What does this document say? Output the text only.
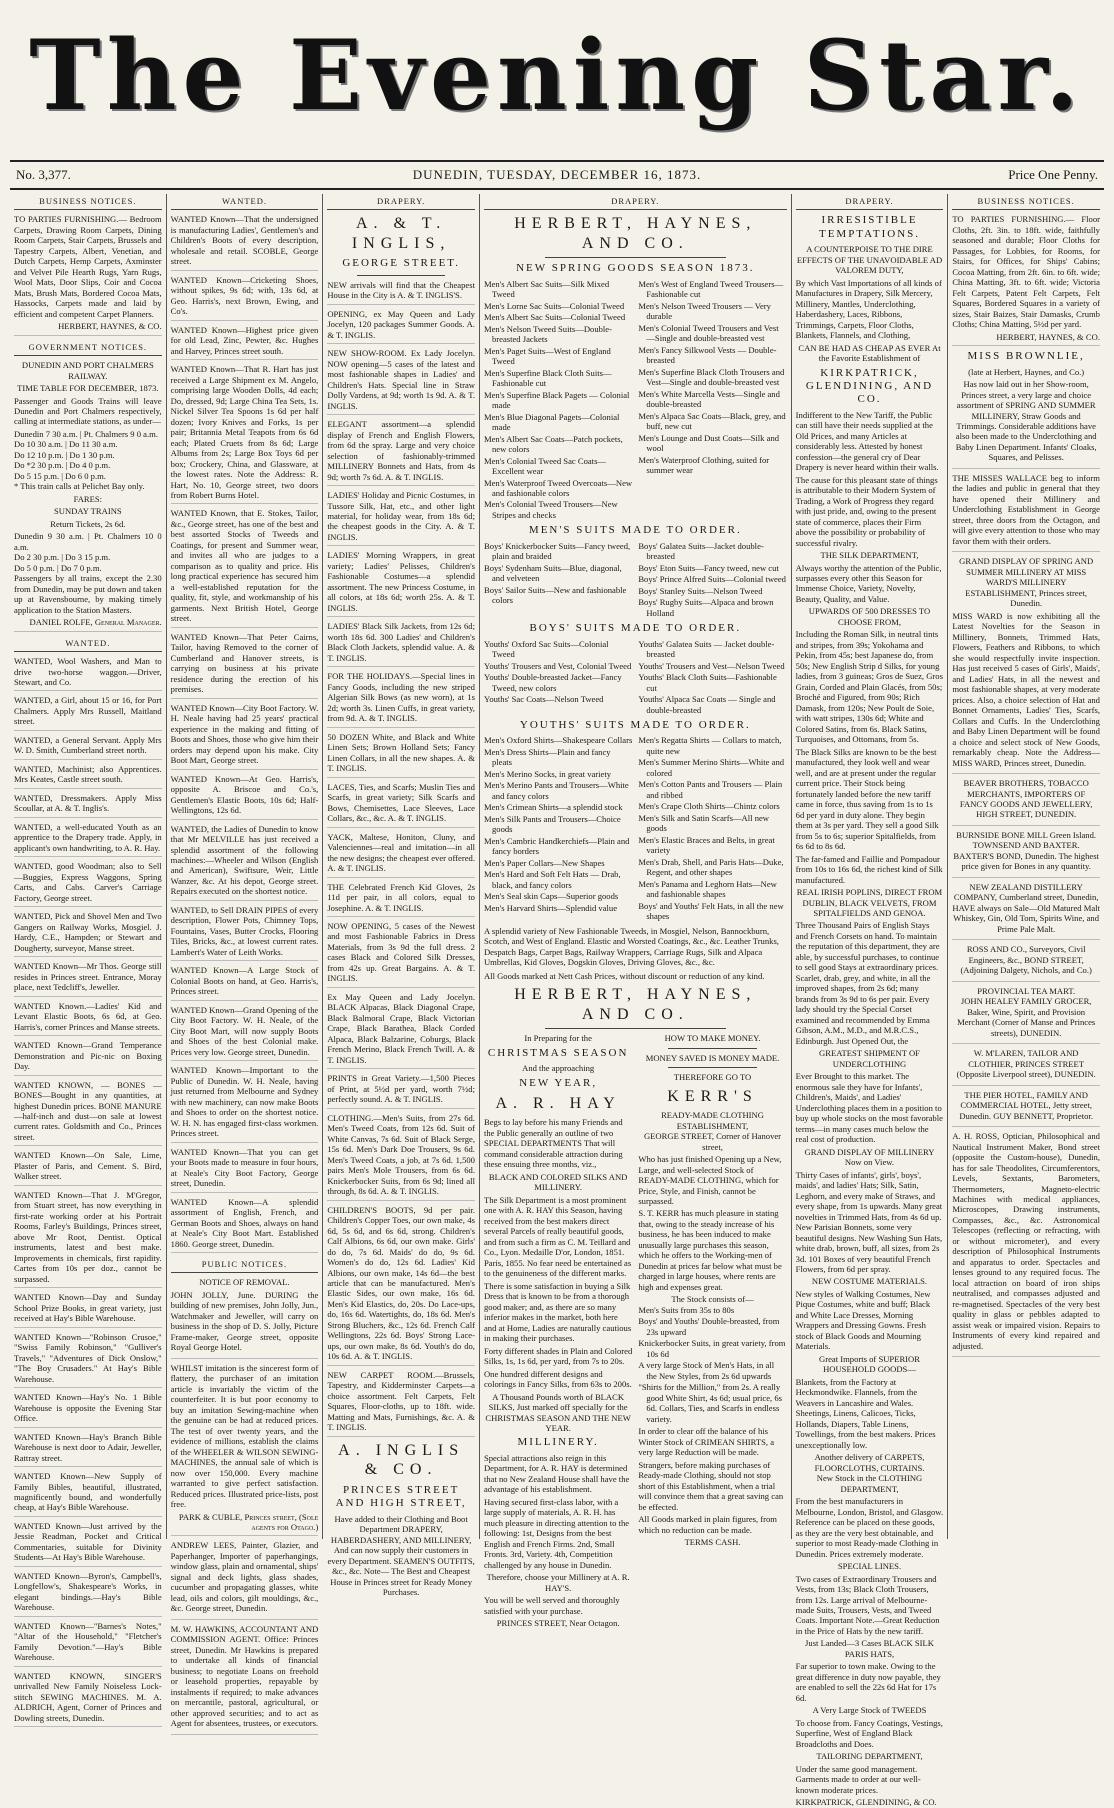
The Evening Star.
No. 3,377.	DUNEDIN, TUESDAY, DECEMBER 16, 1873.	Price One Penny.
BUSINESS NOTICES.

TO PARTIES FURNISHING.— Bedroom Carpets, Drawing Room Carpets, Dining Room Carpets, Stair Carpets, Brussels and Tapestry Carpets, Albert, Venetian, and Dutch Carpets, Hemp Carpets, Axminster and Velvet Pile Hearth Rugs, Yarn Rugs, Wool Mats, Door Slips, Coir and Cocoa Mats, Brush Mats, Bordered Cocoa Mats, Hassocks, Carpets made and laid by efficient and competent Carpet Planners.

HERBERT, HAYNES, & CO.

GOVERNMENT NOTICES.

DUNEDIN AND PORT CHALMERS RAILWAY.

TIME TABLE FOR DECEMBER, 1873.

Passenger and Goods Trains will leave Dunedin and Port Chalmers respectively, calling at intermediate stations, as under—

Dunedin 7 30 a.m. | Pt. Chalmers 9 0 a.m.
Do 10 30 a.m. | Do 11 30 a.m.
Do 12 10 p.m. | Do 1 30 p.m.
Do *2 30 p.m. | Do 4 0 p.m.
Do 5 15 p.m. | Do 6 0 p.m.

* This train calls at Pelichet Bay only.

FARES:

SUNDAY TRAINS

Return Tickets, 2s 6d.

Dunedin 9 30 a.m. | Pt. Chalmers 10 0 a.m.
Do 2 30 p.m. | Do 3 15 p.m.
Do 5 0 p.m. | Do 7 0 p.m.

Passengers by all trains, except the 2.30 from Dunedin, may be put down and taken up at Ravensbourne, by making timely application to the Station Masters.

DANIEL ROLFE, General Manager.

WANTED.
WANTED, Wool Washers, and Man to drive two-horse waggon.—Driver, Stewart, and Co.
WANTED, a Girl, about 15 or 16, for Port Chalmers. Apply Mrs Russell, Maitland street.
WANTED, a General Servant. Apply Mrs W. D. Smith, Cumberland street north.
WANTED, Machinist; also Apprentices. Mrs Keates, Castle street south.
WANTED, Dressmakers. Apply Miss Scoullar, at A. & T. Inglis's.
WANTED, a well-educated Youth as an apprentice to the Drapery trade. Apply, in applicant's own handwriting, to A. R. Hay.
WANTED, good Woodman; also to Sell —Buggies, Express Waggons, Spring Carts, and Cabs. Carver's Carriage Factory, George street.
WANTED, Pick and Shovel Men and Two Gangers on Railway Works, Mosgiel. J. Hardy, C.E., Hampden; or Stewart and Dougherty, surveyor, Manse street.
WANTED Known—Mr Thos. George still resides in Princes street. Entrance, Moray place, next Tedcliff's, Jeweller.
WANTED Known.—Ladies' Kid and Levant Elastic Boots, 6s 6d, at Geo. Harris's, corner Princes and Manse streets.
WANTED Known—Grand Temperance Demonstration and Pic-nic on Boxing Day.
WANTED KNOWN, — BONES — BONES—Bought in any quantities, at highest Dunedin prices. BONE MANURE—half-inch and dust—on sale at lowest current rates. Goldsmith and Co., Princes street.
WANTED Known—On Sale, Lime, Plaster of Paris, and Cement. S. Bird, Walker street.
WANTED Known—That J. M'Gregor, from Stuart street, has now everything in first-rate working order at his Portrait Rooms, Farley's Buildings, Princes street, above Mr Root, Dentist. Optical instruments, latest and best make. Improvements in chemicals, first rapidity. Cartes from 10s per doz., cannot be surpassed.
WANTED Known—Day and Sunday School Prize Books, in great variety, just received at Hay's Bible Warehouse.
WANTED Known—"Robinson Crusoe," "Swiss Family Robinson," "Gulliver's Travels," "Adventures of Dick Onslow," "The Boy Crusaders." At Hay's Bible Warehouse.
WANTED Known—Hay's No. 1 Bible Warehouse is opposite the Evening Star Office.
WANTED Known—Hay's Branch Bible Warehouse is next door to Adair, Jeweller, Rattray street.
WANTED Known—New Supply of Family Bibles, beautiful, illustrated, magnificently bound, and wonderfully cheap, at Hay's Bible Warehouse.
WANTED Known—Just arrived by the Jessie Readman, Pocket and Critical Commentaries, suitable for Divinity Students—At Hay's Bible Warehouse.
WANTED Known—Byron's, Campbell's, Longfellow's, Shakespeare's Works, in elegant bindings.—Hay's Bible Warehouse.
WANTED Known—"Barnes's Notes," "Altar of the Household," "Fletcher's Family Devotion."—Hay's Bible Warehouse.
WANTED KNOWN, SINGER'S unrivalled New Family Noiseless Lock-stitch SEWING MACHINES. M. A. ALDRICH, Agent, Corner of Princes and Dowling streets, Dunedin.
WANTED.
WANTED Known—That the undersigned is manufacturing Ladies', Gentlemen's and Children's Boots of every description, wholesale and retail. SCOBLE, George street.
WANTED Known—Cricketing Shoes, without spikes, 9s 6d; with, 13s 6d, at Geo. Harris's, next Brown, Ewing, and Co's.
WANTED Known—Highest price given for old Lead, Zinc, Pewter, &c. Hughes and Harvey, Princes street south.
WANTED Known—That R. Hart has just received a Large Shipment ex M. Angelo, comprising large Wooden Dolls, 4d each; Do, dressed, 9d; Large China Tea Sets, 1s. Nickel Silver Tea Spoons 1s 6d per half dozen; Ivory Knives and Forks, 1s per pair; Britannia Metal Teapots from 6s 6d each; Plated Cruets from 8s 6d; Large Albums from 2s; Large Box Toys 6d per box; Crockery, China, and Glassware, at the lowest rates. Note the Address: R. Hart, No. 10, George street, two doors from Robert Burns Hotel.
WANTED Known, that E. Stokes, Tailor, &c., George street, has one of the best and best assorted Stocks of Tweeds and Coatings, for present and Summer wear, and invites all who are judges to a comparison as to quality and price. His long practical experience has secured him a well-established reputation for the quality, fit, style, and workmanship of his garments. Next British Hotel, George street.
WANTED Known—That Peter Cairns, Tailor, having Removed to the corner of Cumberland and Hanover streets, is carrying on business at his private residence during the erection of his premises.
WANTED Known—City Boot Factory. W. H. Neale having had 25 years' practical experience in the making and fitting of Boots and Shoes, those who give him their orders may depend upon his make. City Boot Mart, George street.
WANTED Known—At Geo. Harris's, opposite A. Briscoe and Co.'s, Gentlemen's Elastic Boots, 10s 6d; Half-Wellingtons, 12s 6d.
WANTED, the Ladies of Dunedin to know that Mr MELVILLE has just received a splendid assortment of the following machines:—Wheeler and Wilson (English and American), Swiftsure, Weir, Little Wanzer, &c. At his depot, George street. Repairs executed on the shortest notice.
WANTED, to Sell DRAIN PIPES of every description, Flower Pots, Chimney Tops, Fountains, Vases, Butter Crocks, Flooring Tiles, Bricks, &c., at lowest current rates. Lambert's Water of Leith Works.
WANTED Known—A Large Stock of Colonial Boots on hand, at Geo. Harris's, Princes street.
WANTED Known—Grand Opening of the City Boot Factory. W. H. Neale, of the City Boot Mart, will now supply Boots and Shoes of the best Colonial make. Prices very low. George street, Dunedin.
WANTED Known—Important to the Public of Dunedin. W. H. Neale, having just returned from Melbourne and Sydney with new machinery, can now make Boots and Shoes to order on the shortest notice. W. H. N. has engaged first-class workmen. Princes street.
WANTED Known—That you can get your Boots made to measure in four hours, at Neale's City Boot Factory, George street, Dunedin.
WANTED Known—A splendid assortment of English, French, and German Boots and Shoes, always on hand at Neale's City Boot Mart. Established 1860. George street, Dunedin.
PUBLIC NOTICES.

NOTICE OF REMOVAL.

JOHN JOLLY, June. DURING the building of new premises, John Jolly, Jun., Watchmaker and Jeweller, will carry on business in the shop of D. S. Jolly, Picture Frame-maker, George street, opposite Royal George Hotel.

WHILST imitation is the sincerest form of flattery, the purchaser of an imitation article is invariably the victim of the counterfeiter. It is but poor economy to buy an imitation Sewing-machine when the genuine can be had at reduced prices. The test of over twenty years, and the evidence of millions, establish the claims of the WHEELER & WILSON SEWING-MACHINES, the annual sale of which is now over 150,000. Every machine warranted to give perfect satisfaction. Reduced prices. Illustrated price-lists, post free.

PARK & CUBLE, Princes street, (Sole agents for Otago.)

ANDREW LEES, Painter, Glazier, and Paperhanger, Importer of paperhangings, window glass, plain and ornamental, ships' signal and deck lights, glass shades, cucumber and propagating glasses, white lead, oils and colors, gilt mouldings, &c., &c. George street, Dunedin.

M. W. HAWKINS, ACCOUNTANT AND COMMISSION AGENT. Office: Princes street, Dunedin. Mr Hawkins is prepared to undertake all kinds of financial business; to negotiate Loans on freehold or leasehold properties, repayable by instalments if required; to make advances on mercantile, pastoral, agricultural, or other approved securities; and to act as Agent for absentees, trustees, or executors.

DRAPERY.
A. & T. INGLIS,
GEORGE STREET.
NEW arrivals will find that the Cheapest House in the City is A. & T. INGLIS'S.
OPENING, ex May Queen and Lady Jocelyn, 120 packages Summer Goods. A. & T. INGLIS.
NEW SHOW-ROOM. Ex Lady Jocelyn. NOW opening—5 cases of the latest and most fashionable shapes in Ladies' and Children's Hats. Special line in Straw Dolly Vardens, at 9d; worth 1s 9d. A. & T. INGLIS.
ELEGANT assortment—a splendid display of French and English Flowers, from 6d the spray. Large and very choice selection of fashionably-trimmed MILLINERY Bonnets and Hats, from 4s 9d; worth 7s 6d. A. & T. INGLIS.
LADIES' Holiday and Picnic Costumes, in Tussore Silk, Hat, etc., and other light material, for holiday wear, from 18s 6d; the cheapest goods in the City. A. & T. INGLIS.
LADIES' Morning Wrappers, in great variety; Ladies' Pelisses, Children's Fashionable Costumes—a splendid assortment. The new Princess Costume, in all colors, at 18s 6d; worth 25s. A. & T. INGLIS.
LADIES' Black Silk Jackets, from 12s 6d; worth 18s 6d. 300 Ladies' and Children's Black Cloth Jackets, splendid value. A. & T. INGLIS.
FOR THE HOLIDAYS.—Special lines in Fancy Goods, including the new striped Algerian Silk Bows (as new worn), at 1s 2d; worth 3s. Linen Cuffs, in great variety, from 9d. A. & T. INGLIS.
50 DOZEN White, and Black and White Linen Sets; Brown Holland Sets; Fancy Linen Collars, in all the new shapes. A. & T. INGLIS.
LACES, Ties, and Scarfs; Muslin Ties and Scarfs, in great variety; Silk Scarfs and Bows, Chemisettes, Lace Sleeves, Lace Collars, &c., &c. A. & T. INGLIS.
YACK, Maltese, Honiton, Cluny, and Valenciennes—real and imitation—in all the new designs; the cheapest ever offered. A. & T. INGLIS.
THE Celebrated French Kid Gloves, 2s 11d per pair, in all colors, equal to Josephine. A. & T. INGLIS.
NOW OPENING, 5 cases of the Newest and most Fashionable Fabrics in Dress Materials, from 3s 9d the full dress. 2 cases Black and Colored Silk Dresses, from 42s up. Great Bargains. A. & T. INGLIS.
Ex May Queen and Lady Jocelyn. BLACK Alpacas, Black Diagonal Crape, Black Balmoral Crape, Black Victorian Crape, Black Barathea, Black Corded Alpaca, Black Balzarine, Coburgs, Black French Merino, Black French Twill. A. & T. INGLIS.
PRINTS in Great Variety.—1,500 Pieces of Print, at 5½d per yard, worth 7½d; perfectly sound. A. & T. INGLIS.
CLOTHING.—Men's Suits, from 27s 6d. Men's Tweed Coats, from 12s 6d. Suit of White Canvas, 7s 6d. Suit of Black Serge, 15s 6d. Men's Dark Doe Trousers, 9s 6d. Men's Tweed Coats, a job, at 7s 6d. 1,500 pairs Men's Mole Trousers, from 6s 6d. Knickerbocker Suits, from 6s 9d; lined all through, 8s 6d. A. & T. INGLIS.
CHILDREN'S BOOTS, 9d per pair. Children's Copper Toes, our own make, 4s 6d, 5s 6d, and 6s 6d, strong. Children's Calf Albions, 6s 6d, our own make. Girls' do do, 7s 6d. Maids' do do, 9s 6d. Women's do do, 12s 6d. Ladies' Kid Albions, our own make, 14s 6d—the best article that can be manufactured. Men's Elastic Sides, our own make, 16s 6d. Men's Kid Elastics, do, 20s. Do Lace-ups, do, 16s 6d. Watertights, do, 18s 6d. Men's Strong Bluchers, &c., 12s 6d. French Calf Wellingtons, 22s 6d. Boys' Strong Lace-ups, our own make, 8s 6d. Youth's do do, 10s 6d. A. & T. INGLIS.
NEW CARPET ROOM.—Brussels, Tapestry, and Kidderminster Carpets—a choice assortment. Felt Carpets, Felt Squares, Floor-cloths, up to 18ft. wide. Matting and Mats, Furnishings, &c. A. & T. INGLIS.
A. INGLIS & CO.
PRINCES STREET AND HIGH STREET,

Have added to their Clothing and Boot Department DRAPERY, HABERDASHERY, AND MILLINERY, And can now supply their customers in every Department. SEAMEN'S OUTFITS, &c., &c. Note— The Best and Cheapest House in Princes street for Ready Money Purchases.

DRAPERY.
HERBERT, HAYNES, AND CO.
NEW SPRING GOODS SEASON 1873.
Men's Albert Sac Suits—Silk Mixed Tweed
Men's Lorne Sac Suits—Colonial Tweed
Men's Albert Sac Suits—Colonial Tweed
Men's Nelson Tweed Suits—Double-breasted Jackets
Men's Paget Suits—West of England Tweed
Men's Superfine Black Cloth Suits—Fashionable cut
Men's Superfine Black Pagets — Colonial made
Men's Blue Diagonal Pagets—Colonial made
Men's Albert Sac Coats—Patch pockets, new colors
Men's Colonial Tweed Sac Coats—Excellent wear
Men's Waterproof Tweed Overcoats—New and fashionable colors
Men's Colonial Tweed Trousers—New Stripes and checks
Men's West of England Tweed Trousers—Fashionable cut
Men's Nelson Tweed Trousers — Very durable
Men's Colonial Tweed Trousers and Vest—Single and double-breasted vest
Men's Fancy Silkwool Vests — Double-breasted
Men's Superfine Black Cloth Trousers and Vest—Single and double-breasted vest
Men's White Marcella Vests—Single and double-breasted
Men's Alpaca Sac Coats—Black, grey, and buff, new cut
Men's Lounge and Dust Coats—Silk and wool
Men's Waterproof Clothing, suited for summer wear
MEN'S SUITS MADE TO ORDER.
Boys' Knickerbocker Suits—Fancy tweed, plain and braided
Boys' Sydenham Suits—Blue, diagonal, and velveteen
Boys' Sailor Suits—New and fashionable colors
Boys' Galatea Suits—Jacket double-breasted
Boys' Eton Suits—Fancy tweed, new cut
Boys' Prince Alfred Suits—Colonial tweed
Boys' Stanley Suits—Nelson Tweed
Boys' Rugby Suits—Alpaca and brown Holland
BOYS' SUITS MADE TO ORDER.
Youths' Oxford Sac Suits—Colonial Tweed
Youths' Trousers and Vest, Colonial Tweed
Youths' Double-breasted Jacket—Fancy Tweed, new colors
Youths' Sac Coats—Nelson Tweed
Youths' Galatea Suits — Jacket double-breasted
Youths' Trousers and Vest—Nelson Tweed
Youths' Black Cloth Suits—Fashionable cut
Youths' Alpaca Sac Coats — Single and double-breasted
YOUTHS' SUITS MADE TO ORDER.
Men's Oxford Shirts—Shakespeare Collars
Men's Dress Shirts—Plain and fancy pleats
Men's Merino Socks, in great variety
Men's Merino Pants and Trousers—White and fancy colors
Men's Crimean Shirts—a splendid stock
Men's Silk Pants and Trousers—Choice goods
Men's Cambric Handkerchiefs—Plain and fancy borders
Men's Paper Collars—New Shapes
Men's Hard and Soft Felt Hats — Drab, black, and fancy colors
Men's Seal skin Caps—Superior goods
Men's Harvard Shirts—Splendid value
Men's Regatta Shirts — Collars to match, quite new
Men's Summer Merino Shirts—White and colored
Men's Cotton Pants and Trousers — Plain and ribbed
Men's Crape Cloth Shirts—Chintz colors
Men's Silk and Satin Scarfs—All new goods
Men's Elastic Braces and Belts, in great variety
Men's Drab, Shell, and Paris Hats—Duke, Regent, and other shapes
Men's Panama and Leghorn Hats—New and fashionable shapes
Boys' and Youths' Felt Hats, in all the new shapes

A splendid variety of New Fashionable Tweeds, in Mosgiel, Nelson, Bannockburn, Scotch, and West of England. Elastic and Worsted Coatings, &c., &c. Leather Trunks, Despatch Bags, Carpet Bags, Railway Wrappers, Carriage Rugs, Silk and Alpaca Umbrellas, Kid Gloves, Dogskin Gloves, Driving Gloves, &c., &c.

All Goods marked at Nett Cash Prices, without discount or reduction of any kind.

HERBERT, HAYNES, AND CO.
In Preparing for the
CHRISTMAS SEASON
And the approaching
NEW YEAR,
A. R. HAY

Begs to lay before his many Friends and the Public generally an outline of two SPECIAL DEPARTMENTS That will command considerable attraction during these ensuing three months, viz.,

BLACK AND COLORED SILKS AND MILLINERY.

The Silk Department is a most prominent one with A. R. HAY this Season, having received from the best makers direct several Parcels of really beautiful goods, and from such a firm as C. M. Teillard and Co., Lyon. Medaille D'or, London, 1851. Paris, 1855. No fear need be entertained as to the genuineness of the different marks.

There is some satisfaction in buying a Silk Dress that is known to be from a thorough good maker; and, as there are so many inferior makes in the market, both here and at Home, Ladies are naturally cautious in making their purchases.

Forty different shades in Plain and Colored Silks, 1s, 1s 6d, per yard, from 7s to 20s.

One hundred different designs and colorings in Fancy Silks, from 63s to 200s.

A Thousand Pounds worth of BLACK SILKS, Just marked off specially for the CHRISTMAS SEASON AND THE NEW YEAR.

MILLINERY.

Special attractions also reign in this Department, for A. R. HAY is determined that no New Zealand House shall have the advantage of his establishment.

Having secured first-class labor, with a large supply of materials, A. R. H. has much pleasure in directing attention to the following: 1st, Designs from the best English and French Firms. 2nd, Small Fronts. 3rd, Variety. 4th, Competition challenged by any house in Dunedin.

Therefore, choose your Millinery at A. R. HAY'S.

You will be well served and thoroughly satisfied with your purchase.

PRINCES STREET, Near Octagon.
HOW TO MAKE MONEY.
MONEY SAVED IS MONEY MADE.
THEREFORE GO TO
KERR'S
READY-MADE CLOTHING ESTABLISHMENT,
GEORGE STREET, Corner of Hanover street,

Who has just finished Opening up a New, Large, and well-selected Stock of READY-MADE CLOTHING, which for Price, Style, and Finish, cannot be surpassed.

S. T. KERR has much pleasure in stating that, owing to the steady increase of his business, he has been induced to make unusually large purchases this season, which he offers to the Working-men of Dunedin at prices far below what must be charged in large houses, where rents are high and expenses great.

The Stock consists of—
Men's Suits from 35s to 80s
Boys' and Youths' Double-breasted, from 23s upward
Knickerbocker Suits, in great variety, from 10s 6d
A very large Stock of Men's Hats, in all the New Styles, from 2s 6d upwards
"Shirts for the Million," from 2s. A really good White Shirt, 4s 6d; usual price, 6s 6d. Collars, Ties, and Scarfs in endless variety.

In order to clear off the balance of his Winter Stock of CRIMEAN SHIRTS, a very large Reduction will be made.

Strangers, before making purchases of Ready-made Clothing, should not stop short of this Establishment, when a trial will convince them that a great saving can be effected.

All Goods marked in plain figures, from which no reduction can be made.

TERMS CASH.
DRAPERY.
IRRESISTIBLE TEMPTATIONS.

A COUNTERPOISE TO THE DIRE EFFECTS OF THE UNAVOIDABLE AD VALOREM DUTY,

By which Vast Importations of all kinds of Manufactures in Drapery, Silk Mercery, Millinery, Mantles, Underclothing, Haberdashery, Laces, Ribbons, Trimmings, Carpets, Floor Cloths, Blankets, Flannels, and Clothing,

CAN BE HAD AS CHEAP AS EVER At the Favorite Establishment of

KIRKPATRICK, GLENDINING, AND CO.

Indifferent to the New Tariff, the Public can still have their needs supplied at the Old Prices, and many Articles at considerably less. Attested by honest confession—the general cry of Dear Drapery is never heard within their walls.

The cause for this pleasant state of things is attributable to their Modern System of Trading, a Work of Progress they regard with just pride, and, owing to the present state of commerce, places their Firm above the possibility or probability of successful rivalry.

THE SILK DEPARTMENT,

Always worthy the attention of the Public, surpasses every other this Season for Immense Choice, Variety, Novelty, Beauty, Quality, and Value.

UPWARDS OF 500 DRESSES TO CHOOSE FROM,

Including the Roman Silk, in neutral tints and stripes, from 39s; Yokohama and Pekin, from 45s; best Japanese do, from 50s; New English Strip d Silks, for young ladies, from 3 guineas; Gros de Suez, Gros Grain, Corded and Plain Glacés, from 50s; Broché and Figured, from 90s; Rich Damask, from 120s; New Poult de Soie, with watt stripes, 130s 6d; White and Colored Satins, from 6s. Black Satins, Turquoises, and Ottomans, from 5s.

The Black Silks are known to be the best manufactured, they look well and wear well, and are at present under the regular current price. Their Stock being fortunately landed before the new tariff came in force, thus saving from 1s to 1s 6d per yard in duty alone. They begin them at 3s per yard. They sell a good Silk from 5s to 6s; superior Spitalfields, from 6s 6d to 8s 6d.

The far-famed and Faillie and Pompadour from 10s to 16s 6d, the richest kind of Silk manufactured.

REAL IRISH POPLINS, DIRECT FROM DUBLIN, BLACK VELVETS, FROM SPITALFIELDS AND GENOA.

Three Thousand Pairs of English Stays and French Corsets on hand. To maintain the reputation of this department, they are able, by successful purchases, to continue to sell good Stays at extraordinary prices. Scarlet, drab, grey, and white, in all the improved shapes, from 2s 6d; many brands from 3s 9d to 6s per pair. Every lady should try the Special Corset examined and recommended by Emma Gibson, A.M., M.D., and M.R.C.S., Edinburgh. Just Opened Out, the

GREATEST SHIPMENT OF UNDERCLOTHING

Ever Brought to this market. The enormous sale they have for Infants', Children's, Maids', and Ladies' Underclothing places them in a position to buy up whole stocks on the most favorable terms—in many cases much below the real cost of production.

GRAND DISPLAY OF MILLINERY Now on View.

Thirty Cases of infants', girls', boys', maids', and ladies' Hats; Silk, Satin, Leghorn, and every make of Straws, and every shape, from 1s upwards. Many great novelties in Trimmed Hats, from 4s 6d up. New Parisian Bonnets, some very beautiful designs. New Washing Sun Hats, white drab, brown, buff, all sizes, from 2s 3d. 101 Boxes of very beautiful French Flowers, from 6d per spray.

NEW COSTUME MATERIALS.

New styles of Walking Costumes, New Pique Costumes, white and buff; Black and White Lace Dresses, Morning Wrappers and Dressing Gowns. Fresh stock of Black Goods and Mourning Materials.

Great Imports of SUPERIOR HOUSEHOLD GOODS—

Blankets, from the Factory at Heckmondwike. Flannels, from the Weavers in Lancashire and Wales. Sheetings, Linens, Calicoes, Ticks, Hollands, Diapers, Table Linens, Towellings, from the best makers. Prices unexceptionally low.

Another delivery of CARPETS, FLOORCLOTHS, CURTAINS.
New Stock in the CLOTHING DEPARTMENT,

From the best manufacturers in Melbourne, London, Bristol, and Glasgow. Reference can be placed on these goods, as they are the very best obtainable, and superior to most Ready-made Clothing in Dunedin. Prices extremely moderate.

SPECIAL LINES.

Two cases of Extraordinary Trousers and Vests, from 13s; Black Cloth Trousers, from 12s. Large arrival of Melbourne-made Suits, Trousers, Vests, and Tweed Coats. Important Note.—Great Reduction in the Price of Hats by the new tariff.

Just Landed—3 Cases BLACK SILK PARIS HATS,

Far superior to town make. Owing to the great difference in duty now payable, they are enabled to sell the 22s 6d Hat for 17s 6d.

A Very Large Stock of TWEEDS

To choose from. Fancy Coatings, Vestings, Superfine, West of England Black Broadcloths and Does.

TAILORING DEPARTMENT,

Under the same good management. Garments made to order at our well-known moderate prices.

KIRKPATRICK, GLENDINING, & CO.

BUSINESS NOTICES.

TO PARTIES FURNISHING.— Floor Cloths, 2ft. 3in. to 18ft. wide, faithfully seasoned and durable; Floor Cloths for Passages, for Lobbies, for Rooms, for Stairs, for Offices, for Ships' Cabins; Cocoa Matting, from 2ft. 6in. to 6ft. wide; China Matting, 3ft. to 6ft. wide; Victoria Felt Carpets, Patent Felt Carpets, Felt Squares, Bordered Squares in a variety of sizes, Stair Baizes, Stair Damasks, Crumb Cloths; China Matting, 5½d per yard.

HERBERT, HAYNES, & CO.

MISS BROWNLIE,

(late at Herbert, Haynes, and Co.)

Has now laid out in her Show-room, Princes street, a very large and choice assortment of SPRING AND SUMMER MILLINERY, Straw Goods and Trimmings. Considerable additions have also been made to the Underclothing and Baby Linen Department. Infants' Cloaks, Squares, and Pelisses.

THE MISSES WALLACE beg to inform the ladies and public in general that they have opened their Millinery and Underclothing Establishment in George street, three doors from the Octagon, and will give every attention to those who may favor them with their orders.

GRAND DISPLAY OF SPRING AND SUMMER MILLINERY AT MISS WARD'S MILLINERY ESTABLISHMENT, Princes street, Dunedin.

MISS WARD is now exhibiting all the Latest Novelties for the Season in Millinery, Bonnets, Trimmed Hats, Flowers, Feathers and Ribbons, to which she would respectfully invite inspection. Has just received 5 cases of Girls', Maids', and Ladies' Hats, in all the newest and most fashionable shapes, at very moderate prices. Also, a choice selection of Hat and Bonnet Ornaments, Ladies' Ties, Scarfs, Collars and Cuffs. In the Underclothing and Baby Linen Department will be found a choice and select stock of New Goods, remarkably cheap. Note the Address— MISS WARD, Princes street, Dunedin.

BEAVER BROTHERS, TOBACCO MERCHANTS, IMPORTERS OF FANCY GOODS AND JEWELLERY, HIGH STREET, DUNEDIN.

BURNSIDE BONE MILL Green Island. TOWNSEND AND BAXTER. BAXTER'S BOND, Dunedin. The highest price given for Bones in any quantity.

NEW ZEALAND DISTILLERY COMPANY, Cumberland street, Dunedin, HAVE always on Sale—Old Matured Malt Whiskey, Gin, Old Tom, Spirits Wine, and Prime Pale Malt.

ROSS AND CO., Surveyors, Civil Engineers, &c., BOND STREET, (Adjoining Dalgety, Nichols, and Co.)

PROVINCIAL TEA MART.

JOHN HEALEY FAMILY GROCER, Baker, Wine, Spirit, and Provision Merchant (Corner of Manse and Princes streets), DUNEDIN.

W. M'LAREN, TAILOR AND CLOTHIER, PRINCES STREET (Opposite Liverpool street), DUNEDIN.

THE PIER HOTEL, FAMILY AND COMMERCIAL HOTEL, Jetty street, Dunedin. GUY BENNETT, Proprietor.

A. H. ROSS, Optician, Philosophical and Nautical Instrument Maker, Bond street (opposite the Custom-house), Dunedin, has for sale Theodolites, Circumferentors, Levels, Sextants, Barometers, Thermometers, Magneto-electric Machines with medical appliances, Microscopes, Drawing instruments, Compasses, &c., &c. Astronomical Telescopes (reflecting or refracting, with or without micrometer), and every description of Philosophical Instruments and apparatus to order. Spectacles and lenses ground to any required focus. The local attraction on board of iron ships neutralised, and compasses adjusted and re-magnetised. Spectacles of the very best quality in glass or pebbles adapted to assist weak or impaired vision. Repairs to Instruments of every kind repaired and adjusted.
